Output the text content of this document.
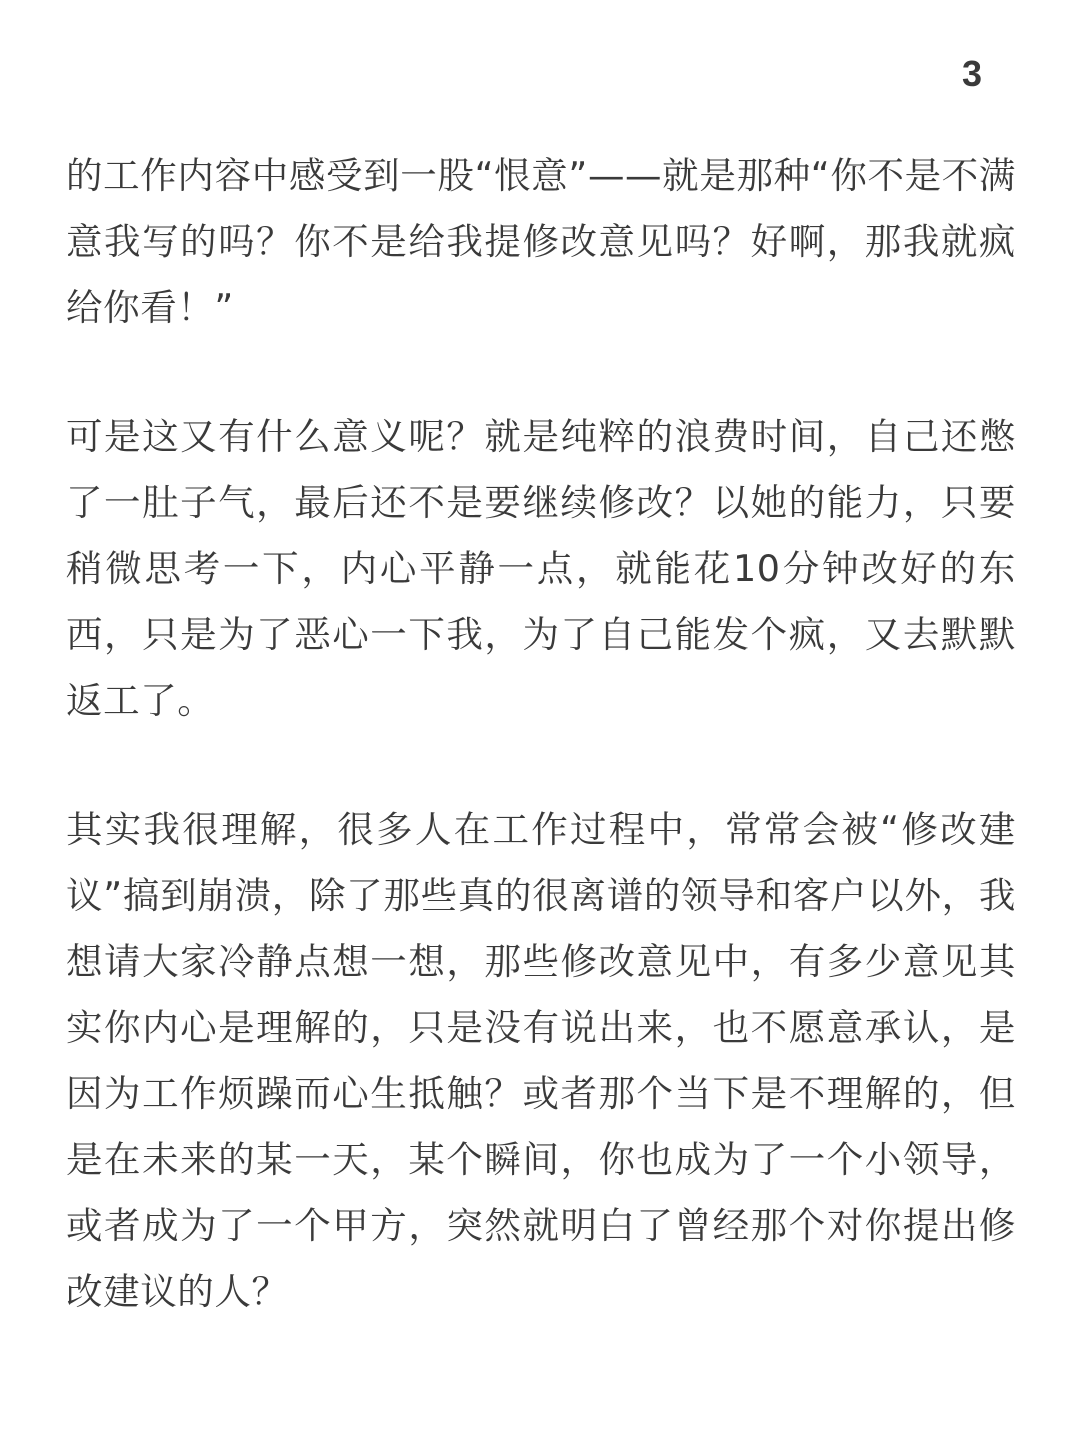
3

的工作内容中感受到一股“恨意”——就是那种“你不是不满意我写的吗？你不是给我提修改意见吗？好啊，那我就疯给你看！”

可是这又有什么意义呢？就是纯粹的浪费时间，自己还憋了一肚子气，最后还不是要继续修改？以她的能力，只要稍微思考一下，内心平静一点，就能花10分钟改好的东西，只是为了恶心一下我，为了自己能发个疯，又去默默返工了。

其实我很理解，很多人在工作过程中，常常会被“修改建议”搞到崩溃，除了那些真的很离谱的领导和客户以外，我想请大家冷静点想一想，那些修改意见中，有多少意见其实你内心是理解的，只是没有说出来，也不愿意承认，是因为工作烦躁而心生抵触？或者那个当下是不理解的，但是在未来的某一天，某个瞬间，你也成为了一个小领导，或者成为了一个甲方，突然就明白了曾经那个对你提出修改建议的人？
